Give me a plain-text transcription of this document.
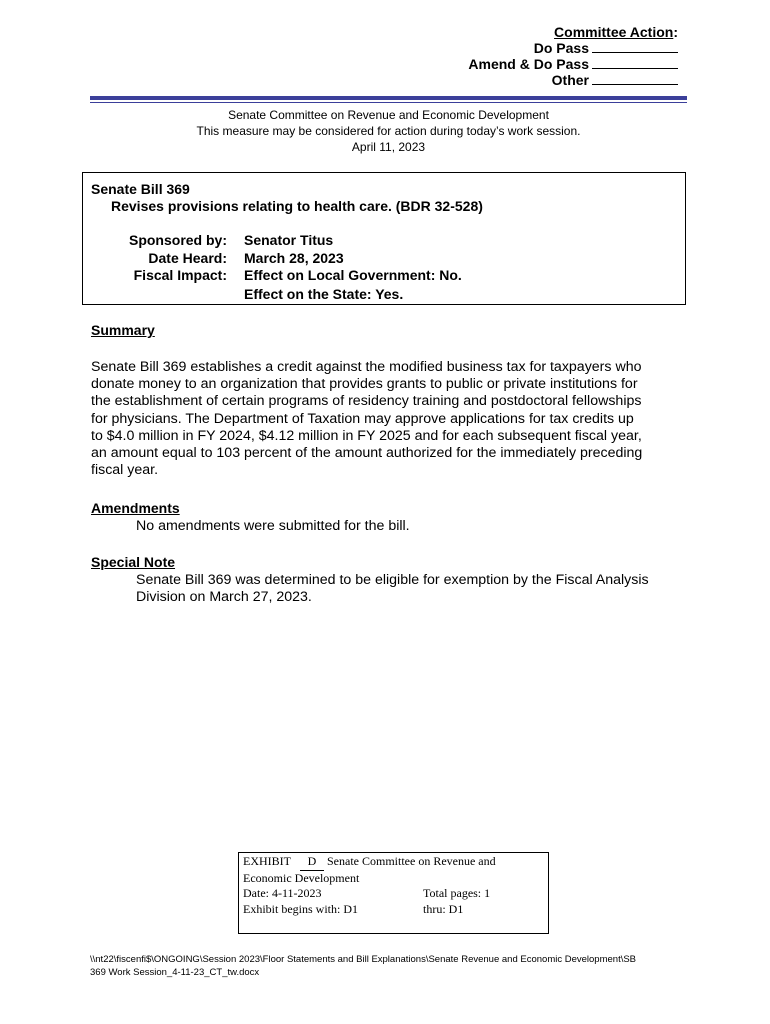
Committee Action:
Do Pass
Amend & Do Pass
Other
Senate Committee on Revenue and Economic Development
This measure may be considered for action during today’s work session.
April 11, 2023
Senate Bill 369
Revises provisions relating to health care. (BDR 32-528)
Sponsored by: Senator Titus
Date Heard: March 28, 2023
Fiscal Impact: Effect on Local Government: No.
Effect on the State: Yes.
Summary
Senate Bill 369 establishes a credit against the modified business tax for taxpayers who
donate money to an organization that provides grants to public or private institutions for
the establishment of certain programs of residency training and postdoctoral fellowships
for physicians. The Department of Taxation may approve applications for tax credits up
to $4.0 million in FY 2024, $4.12 million in FY 2025 and for each subsequent fiscal year,
an amount equal to 103 percent of the amount authorized for the immediately preceding
fiscal year.
Amendments
No amendments were submitted for the bill.
Special Note
Senate Bill 369 was determined to be eligible for exemption by the Fiscal Analysis
Division on March 27, 2023.
EXHIBIT D Senate Committee on Revenue and
Economic Development
Date: 4-11-2023	Total pages: 1
Exhibit begins with: D1	thru: D1
\\nt22\fiscenfi$\ONGOING\Session 2023\Floor Statements and Bill Explanations\Senate Revenue and Economic Development\SB
369 Work Session_4-11-23_CT_tw.docx
